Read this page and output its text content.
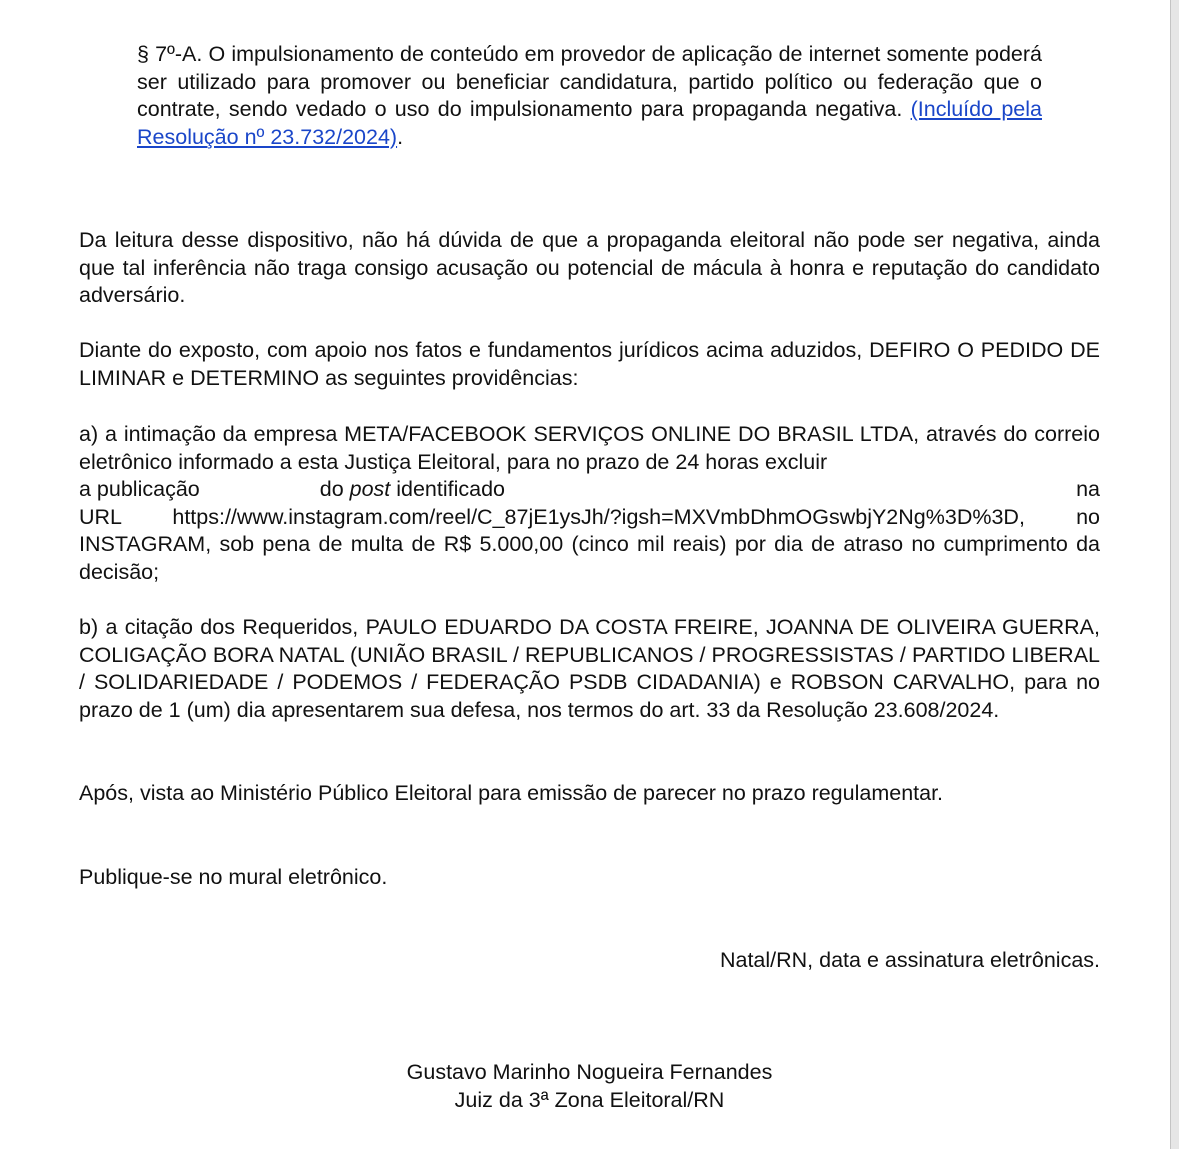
§ 7º-A. O impulsionamento de conteúdo em provedor de aplicação de internet somente poderá ser utilizado para promover ou beneficiar candidatura, partido político ou federação que o contrate, sendo vedado o uso do impulsionamento para propaganda negativa. (Incluído pela Resolução nº 23.732/2024).

Da leitura desse dispositivo, não há dúvida de que a propaganda eleitoral não pode ser negativa, ainda que tal inferência não traga consigo acusação ou potencial de mácula à honra e reputação do candidato adversário.

Diante do exposto, com apoio nos fatos e fundamentos jurídicos acima aduzidos, DEFIRO O PEDIDO DE LIMINAR e DETERMINO as seguintes providências:

a) a intimação da empresa META/FACEBOOK SERVIÇOS ONLINE DO BRASIL LTDA, através do correio eletrônico informado a esta Justiça Eleitoral, para no prazo de 24 horas excluir
a publicação	do post identificado	na
URL https://www.instagram.com/reel/C_87jE1ysJh/?igsh=MXVmbDhmOGswbjY2Ng%3D%3D, no INSTAGRAM, sob pena de multa de R$ 5.000,00 (cinco mil reais) por dia de atraso no cumprimento da decisão;

b) a citação dos Requeridos, PAULO EDUARDO DA COSTA FREIRE, JOANNA DE OLIVEIRA GUERRA, COLIGAÇÃO BORA NATAL (UNIÃO BRASIL / REPUBLICANOS / PROGRESSISTAS / PARTIDO LIBERAL / SOLIDARIEDADE / PODEMOS / FEDERAÇÃO PSDB CIDADANIA) e ROBSON CARVALHO, para no prazo de 1 (um) dia apresentarem sua defesa, nos termos do art. 33 da Resolução 23.608/2024.

Após, vista ao Ministério Público Eleitoral para emissão de parecer no prazo regulamentar.

Publique-se no mural eletrônico.

Natal/RN, data e assinatura eletrônicas.

Gustavo Marinho Nogueira Fernandes
Juiz da 3ª Zona Eleitoral/RN
